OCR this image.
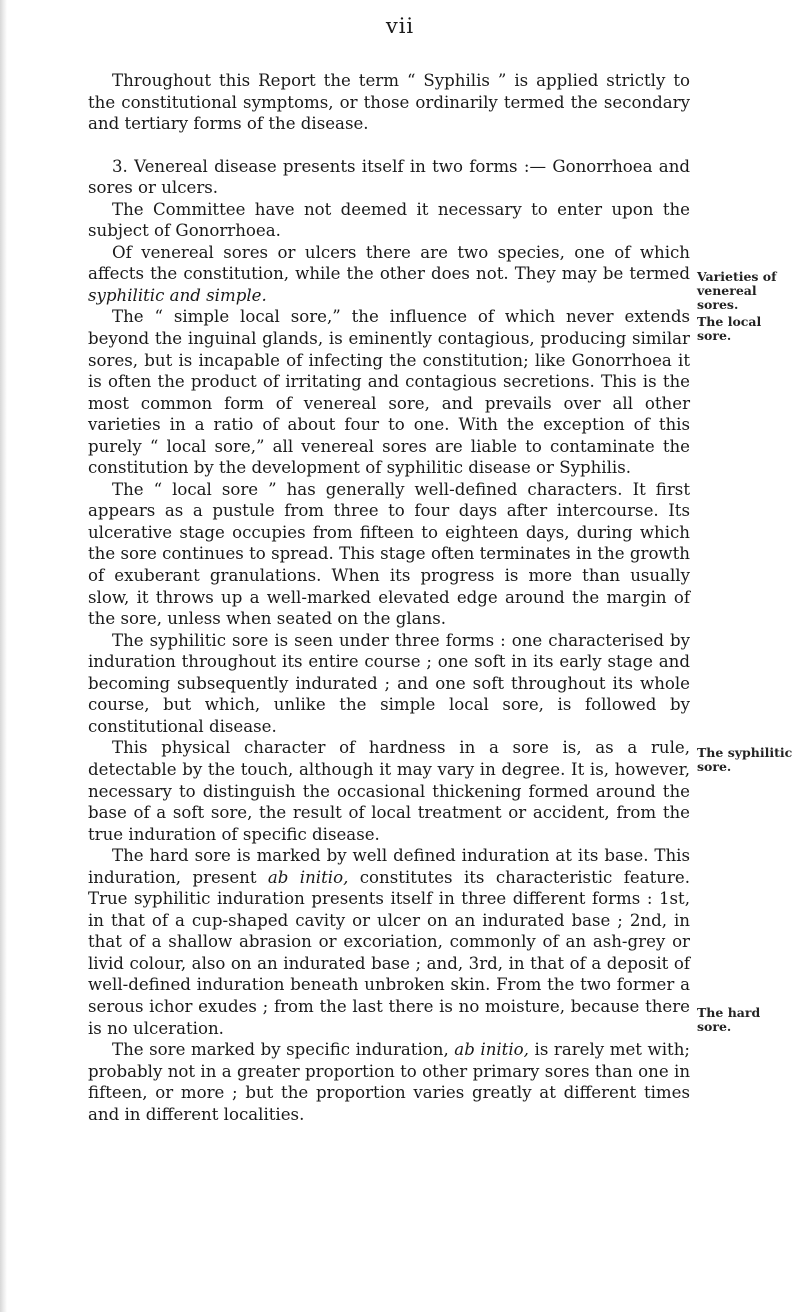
vii

Throughout this Report the term “ Syphilis ” is applied strictly to the constitutional symptoms, or those ordinarily termed the secondary and tertiary forms of the disease.

3. Venereal disease presents itself in two forms :— Gonorrhoea and sores or ulcers.

The Committee have not deemed it necessary to enter upon the subject of Gonorrhoea.

Of venereal sores or ulcers there are two species, one of which affects the constitution, while the other does not. They may be termed syphilitic and simple.

The “ simple local sore,” the influence of which never extends beyond the inguinal glands, is eminently contagious, producing similar sores, but is incapable of infecting the constitution; like Gonorrhoea it is often the product of irritating and contagious secretions. This is the most common form of venereal sore, and prevails over all other varieties in a ratio of about four to one. With the exception of this purely “ local sore,” all venereal sores are liable to contaminate the constitution by the development of syphilitic disease or Syphilis.

The “ local sore ” has generally well-defined characters. It first appears as a pustule from three to four days after intercourse. Its ulcerative stage occupies from fifteen to eighteen days, during which the sore continues to spread. This stage often terminates in the growth of exuberant granulations. When its progress is more than usually slow, it throws up a well-marked elevated edge around the margin of the sore, unless when seated on the glans.

The syphilitic sore is seen under three forms : one characterised by induration throughout its entire course ; one soft in its early stage and becoming subsequently indurated ; and one soft throughout its whole course, but which, unlike the simple local sore, is followed by constitutional disease.

This physical character of hardness in a sore is, as a rule, detectable by the touch, although it may vary in degree. It is, however, necessary to distinguish the occasional thickening formed around the base of a soft sore, the result of local treatment or accident, from the true induration of specific disease.

The hard sore is marked by well defined induration at its base. This induration, present ab initio, constitutes its characteristic feature. True syphilitic induration presents itself in three different forms : 1st, in that of a cup-shaped cavity or ulcer on an indurated base ; 2nd, in that of a shallow abrasion or excoriation, commonly of an ash-grey or livid colour, also on an indurated base ; and, 3rd, in that of a deposit of well-defined induration beneath unbroken skin. From the two former a serous ichor exudes ; from the last there is no moisture, because there is no ulceration.

The sore marked by specific induration, ab initio, is rarely met with; probably not in a greater proportion to other primary sores than one in fifteen, or more ; but the proportion varies greatly at different times and in different localities.

Varieties of venereal sores.
The local sore.
The syphilitic sore.
The hard sore.
